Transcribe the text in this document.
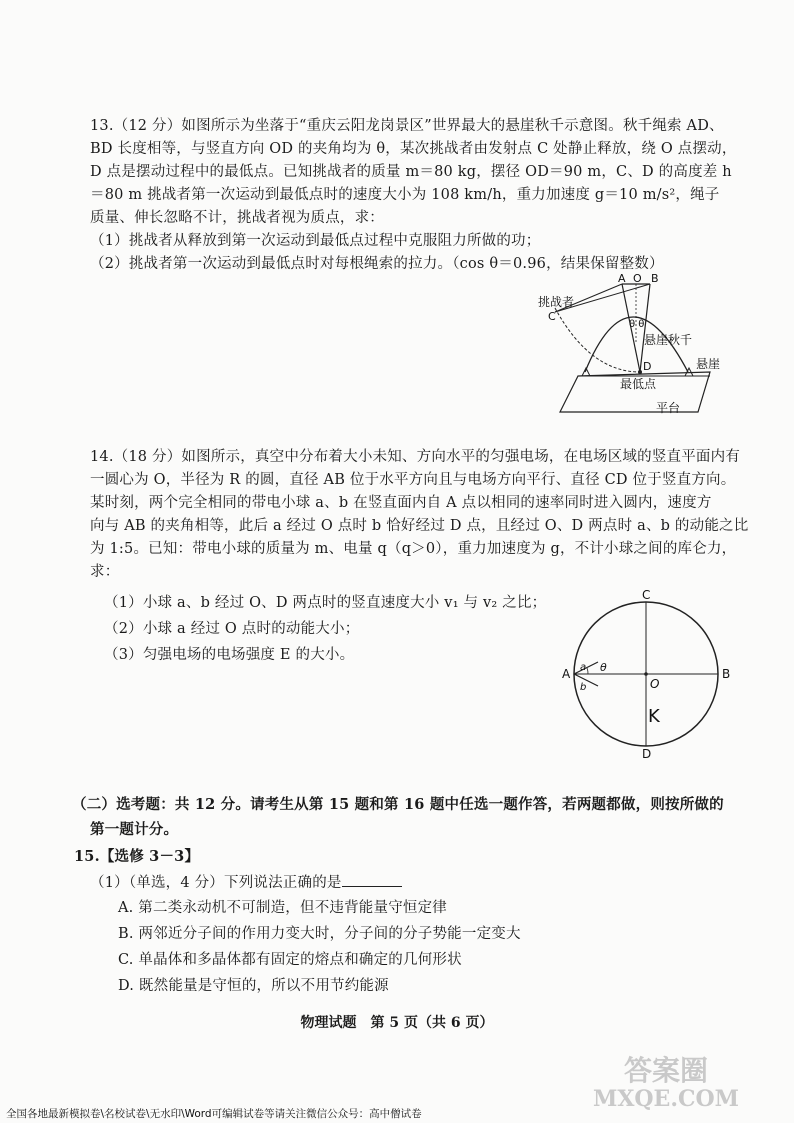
13.（12 分）如图所示为坐落于“重庆云阳龙岗景区”世界最大的悬崖秋千示意图。秋千绳索 AD、
BD 长度相等，与竖直方向 OD 的夹角均为 θ，某次挑战者由发射点 C 处静止释放，绕 O 点摆动，
D 点是摆动过程中的最低点。已知挑战者的质量 m＝80 kg，摆径 OD＝90 m，C、D 的高度差 h
＝80 m 挑战者第一次运动到最低点时的速度大小为 108 km/h，重力加速度 g＝10 m/s²，绳子
质量、伸长忽略不计，挑战者视为质点，求：
（1）挑战者从释放到第一次运动到最低点过程中克服阻力所做的功；
（2）挑战者第一次运动到最低点时对每根绳索的拉力。（cos θ＝0.96，结果保留整数）
A O B
挑战者
C
θ θ
悬崖秋千
悬崖
D
最低点
平台
14.（18 分）如图所示，真空中分布着大小未知、方向水平的匀强电场，在电场区域的竖直平面内有
一圆心为 O，半径为 R 的圆，直径 AB 位于水平方向且与电场方向平行、直径 CD 位于竖直方向。
某时刻，两个完全相同的带电小球 a、b 在竖直面内自 A 点以相同的速率同时进入圆内，速度方
向与 AB 的夹角相等，此后 a 经过 O 点时 b 恰好经过 D 点，且经过 O、D 两点时 a、b 的动能之比
为 1:5。已知：带电小球的质量为 m、电量 q（q＞0），重力加速度为 g，不计小球之间的库仑力，
求：
（1）小球 a、b 经过 O、D 两点时的竖直速度大小 v₁ 与 v₂ 之比；
（2）小球 a 经过 O 点时的动能大小；
（3）匀强电场的电场强度 E 的大小。
C
A	B
O
D
a
b
θ
K
（二）选考题：共 12 分。请考生从第 15 题和第 16 题中任选一题作答，若两题都做，则按所做的
第一题计分。
15.【选修 3－3】
（1）（单选，4 分）下列说法正确的是
A. 第二类永动机不可制造，但不违背能量守恒定律
B. 两邻近分子间的作用力变大时，分子间的分子势能一定变大
C. 单晶体和多晶体都有固定的熔点和确定的几何形状
D. 既然能量是守恒的，所以不用节约能源
物理试题　第 5 页（共 6 页）
答案圈
MXQE.COM
全国各地最新模拟卷\名校试卷\无水印\Word可编辑试卷等请关注微信公众号：高中僧试卷
